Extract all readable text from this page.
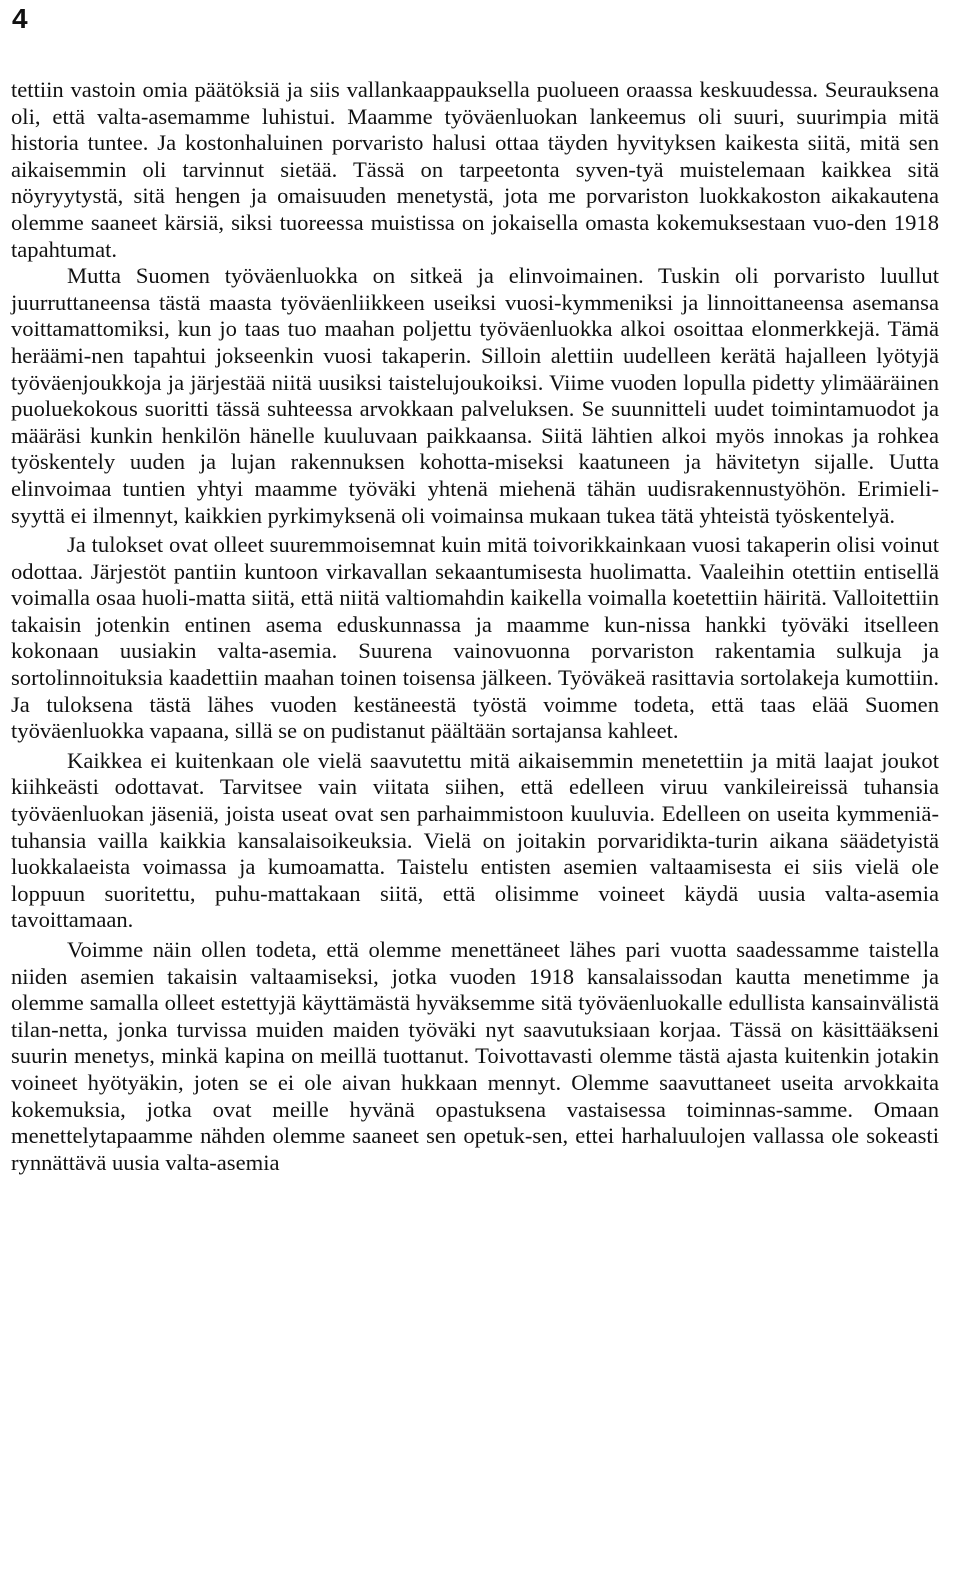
4

tettiin vastoin omia päätöksiä ja siis vallankaappauksella puolueen oraassa keskuudessa. Seurauksena oli, että valta-asemamme luhistui. Maamme työväenluokan lankeemus oli suuri, suurimpia mitä historia tuntee. Ja kostonhaluinen porvaristo halusi ottaa täyden hyvityksen kaikesta siitä, mitä sen aikaisemmin oli tarvinnut sietää. Tässä on tarpeetonta syven-tyä muistelemaan kaikkea sitä nöyryytystä, sitä hengen ja omaisuuden menetystä, jota me porvariston luokkakoston aikakautena olemme saaneet kärsiä, siksi tuoreessa muistissa on jokaisella omasta kokemuksestaan vuo-den 1918 tapahtumat.

Mutta Suomen työväenluokka on sitkeä ja elinvoimainen. Tuskin oli porvaristo luullut juurruttaneensa tästä maasta työväenliikkeen useiksi vuosi-kymmeniksi ja linnoittaneensa asemansa voittamattomiksi, kun jo taas tuo maahan poljettu työväenluokka alkoi osoittaa elonmerkkejä. Tämä heräämi-nen tapahtui jokseenkin vuosi takaperin. Silloin alettiin uudelleen kerätä hajalleen lyötyjä työväenjoukkoja ja järjestää niitä uusiksi taistelujoukoiksi. Viime vuoden lopulla pidetty ylimääräinen puoluekokous suoritti tässä suhteessa arvokkaan palveluksen. Se suunnitteli uudet toimintamuodot ja määräsi kunkin henkilön hänelle kuuluvaan paikkaansa. Siitä lähtien alkoi myös innokas ja rohkea työskentely uuden ja lujan rakennuksen kohotta-miseksi kaatuneen ja hävitetyn sijalle. Uutta elinvoimaa tuntien yhtyi maamme työväki yhtenä miehenä tähän uudisrakennustyöhön. Erimieli-syyttä ei ilmennyt, kaikkien pyrkimyksenä oli voimainsa mukaan tukea tätä yhteistä työskentelyä.

Ja tulokset ovat olleet suuremmoisemnat kuin mitä toivorikkainkaan vuosi takaperin olisi voinut odottaa. Järjestöt pantiin kuntoon virkavallan sekaantumisesta huolimatta. Vaaleihin otettiin entisellä voimalla osaa huoli-matta siitä, että niitä valtiomahdin kaikella voimalla koetettiin häiritä. Valloitettiin takaisin jotenkin entinen asema eduskunnassa ja maamme kun-nissa hankki työväki itselleen kokonaan uusiakin valta-asemia. Suurena vainovuonna porvariston rakentamia sulkuja ja sortolinnoituksia kaadettiin maahan toinen toisensa jälkeen. Työväkeä rasittavia sortolakeja kumottiin. Ja tuloksena tästä lähes vuoden kestäneestä työstä voimme todeta, että taas elää Suomen työväenluokka vapaana, sillä se on pudistanut päältään sortajansa kahleet.

Kaikkea ei kuitenkaan ole vielä saavutettu mitä aikaisemmin menetettiin ja mitä laajat joukot kiihkeästi odottavat. Tarvitsee vain viitata siihen, että edelleen viruu vankileireissä tuhansia työväenluokan jäseniä, joista useat ovat sen parhaimmistoon kuuluvia. Edelleen on useita kymmeniä-tuhansia vailla kaikkia kansalaisoikeuksia. Vielä on joitakin porvaridikta-turin aikana säädetyistä luokkalaeista voimassa ja kumoamatta. Taistelu entisten asemien valtaamisesta ei siis vielä ole loppuun suoritettu, puhu-mattakaan siitä, että olisimme voineet käydä uusia valta-asemia tavoittamaan.

Voimme näin ollen todeta, että olemme menettäneet lähes pari vuotta saadessamme taistella niiden asemien takaisin valtaamiseksi, jotka vuoden 1918 kansalaissodan kautta menetimme ja olemme samalla olleet estettyjä käyttämästä hyväksemme sitä työväenluokalle edullista kansainvälistä tilan-netta, jonka turvissa muiden maiden työväki nyt saavutuksiaan korjaa. Tässä on käsittääkseni suurin menetys, minkä kapina on meillä tuottanut. Toivottavasti olemme tästä ajasta kuitenkin jotakin voineet hyötyäkin, joten se ei ole aivan hukkaan mennyt. Olemme saavuttaneet useita arvokkaita kokemuksia, jotka ovat meille hyvänä opastuksena vastaisessa toiminnas-samme. Omaan menettelytapaamme nähden olemme saaneet sen opetuk-sen, ettei harhaluulojen vallassa ole sokeasti rynnättävä uusia valta-asemia
